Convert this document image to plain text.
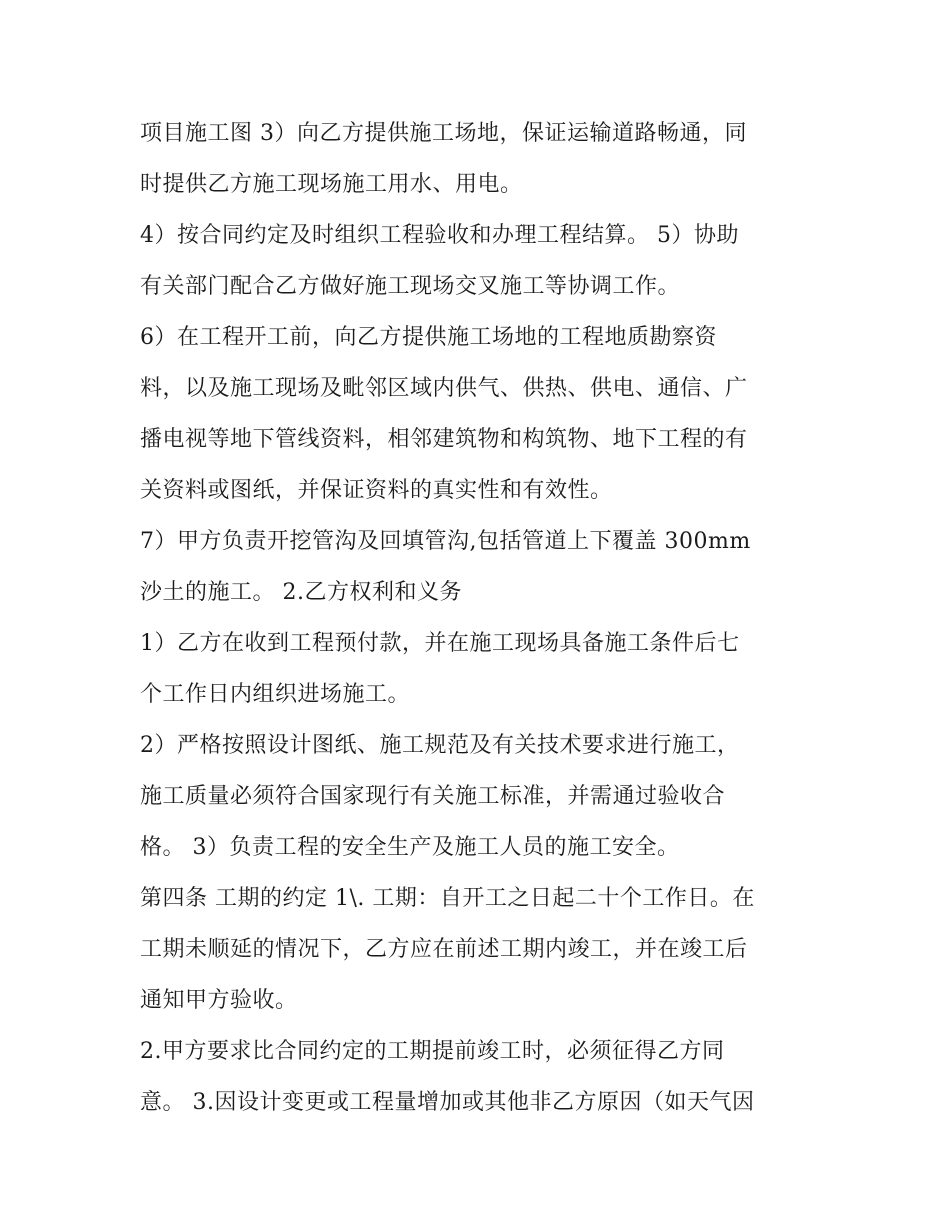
项目施工图 3）向乙方提供施工场地，保证运输道路畅通，同
时提供乙方施工现场施工用水、用电。
4）按合同约定及时组织工程验收和办理工程结算。 5）协助
有关部门配合乙方做好施工现场交叉施工等协调工作。
6）在工程开工前，向乙方提供施工场地的工程地质勘察资
料，以及施工现场及毗邻区域内供气、供热、供电、通信、广
播电视等地下管线资料，相邻建筑物和构筑物、地下工程的有
关资料或图纸，并保证资料的真实性和有效性。
7）甲方负责开挖管沟及回填管沟,包括管道上下覆盖 300mm
沙土的施工。 2.乙方权利和义务
1）乙方在收到工程预付款，并在施工现场具备施工条件后七
个工作日内组织进场施工。
2）严格按照设计图纸、施工规范及有关技术要求进行施工，
施工质量必须符合国家现行有关施工标准，并需通过验收合
格。 3）负责工程的安全生产及施工人员的施工安全。
第四条 工期的约定 1\. 工期：自开工之日起二十个工作日。在
工期未顺延的情况下，乙方应在前述工期内竣工，并在竣工后
通知甲方验收。
2.甲方要求比合同约定的工期提前竣工时，必须征得乙方同
意。 3.因设计变更或工程量增加或其他非乙方原因（如天气因
